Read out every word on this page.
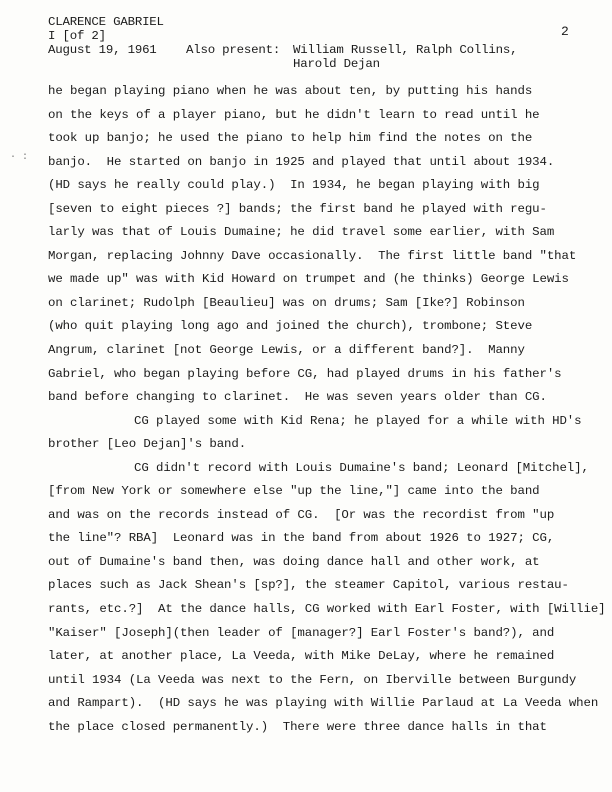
CLARENCE GABRIEL
I [of 2]
August 19, 1961 Also present: William Russell, Ralph Collins,
Harold Dejan
2
· :
he began playing piano when he was about ten, by putting his hands
on the keys of a player piano, but he didn't learn to read until he
took up banjo; he used the piano to help him find the notes on the
banjo.  He started on banjo in 1925 and played that until about 1934.
(HD says he really could play.)  In 1934, he began playing with big
[seven to eight pieces ?] bands; the first band he played with regu-
larly was that of Louis Dumaine; he did travel some earlier, with Sam
Morgan, replacing Johnny Dave occasionally.  The first little band "that
we made up" was with Kid Howard on trumpet and (he thinks) George Lewis
on clarinet; Rudolph [Beaulieu] was on drums; Sam [Ike?] Robinson
(who quit playing long ago and joined the church), trombone; Steve
Angrum, clarinet [not George Lewis, or a different band?].  Manny
Gabriel, who began playing before CG, had played drums in his father's
band before changing to clarinet.  He was seven years older than CG.
CG played some with Kid Rena; he played for a while with HD's
brother [Leo Dejan]'s band.
CG didn't record with Louis Dumaine's band; Leonard [Mitchel],
[from New York or somewhere else "up the line,"] came into the band
and was on the records instead of CG.  [Or was the recordist from "up
the line"? RBA]  Leonard was in the band from about 1926 to 1927; CG,
out of Dumaine's band then, was doing dance hall and other work, at
places such as Jack Shean's [sp?], the steamer Capitol, various restau-
rants, etc.?]  At the dance halls, CG worked with Earl Foster, with [Willie]
"Kaiser" [Joseph](then leader of [manager?] Earl Foster's band?), and
later, at another place, La Veeda, with Mike DeLay, where he remained
until 1934 (La Veeda was next to the Fern, on Iberville between Burgundy
and Rampart).  (HD says he was playing with Willie Parlaud at La Veeda when
the place closed permanently.)  There were three dance halls in that
